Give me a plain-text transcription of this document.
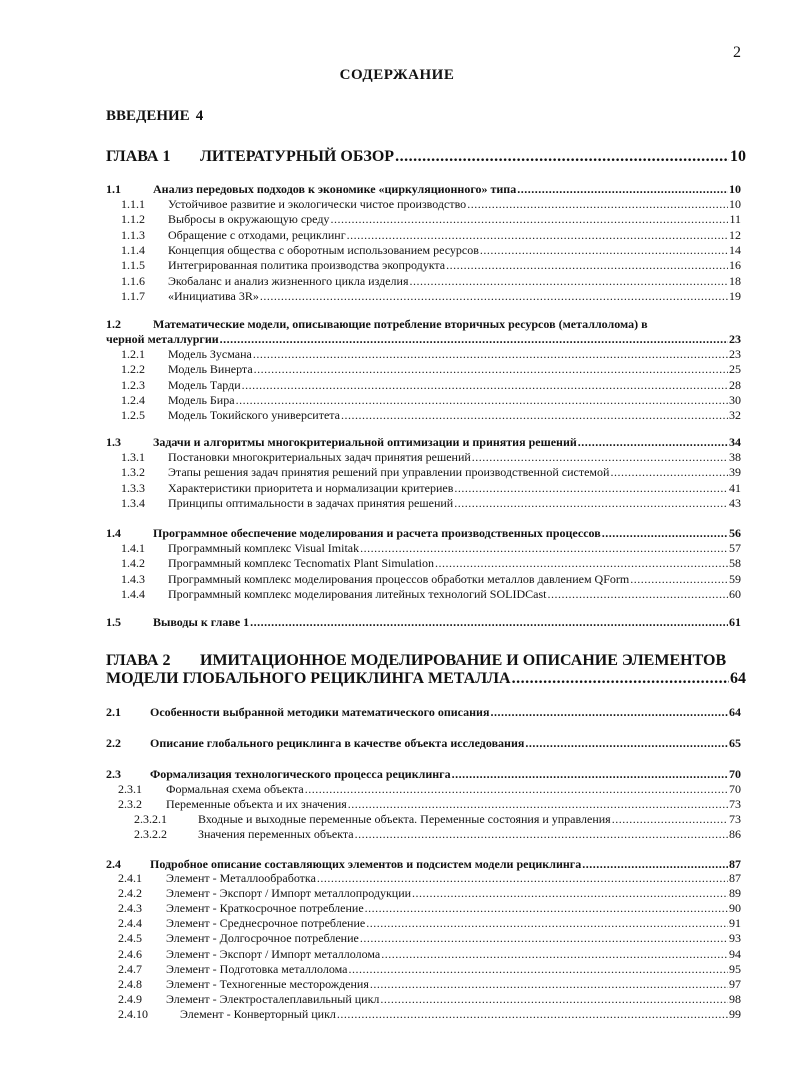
2
СОДЕРЖАНИЕ
ВВЕДЕНИЕ 4
ГЛАВА 1	ЛИТЕРАТУРНЫЙ ОБЗОР .....	10
1.1	Анализ передовых подходов к экономике «циркуляционного» типа .....	10
1.1.1	Устойчивое развитие и экологически чистое производство .....	10
1.1.2	Выбросы в окружающую среду .....	11
1.1.3	Обращение с отходами, рециклинг .....	12
1.1.4	Концепция общества с оборотным использованием ресурсов .....	14
1.1.5	Интегрированная политика производства экопродукта .....	16
1.1.6	Экобаланс и анализ жизненного цикла изделия .....	18
1.1.7	«Инициатива 3R» .....	19
1.2	Математические модели, описывающие потребление вторичных ресурсов (металлолома) в
черной металлургии .....	23
1.2.1	Модель Зусмана .....	23
1.2.2	Модель Винерта .....	25
1.2.3	Модель Тарди .....	28
1.2.4	Модель Бира .....	30
1.2.5	Модель Токийского университета .....	32
1.3	Задачи и алгоритмы многокритериальной оптимизации и принятия решений .....	34
1.3.1	Постановки многокритериальных задач принятия решений .....	38
1.3.2	Этапы решения задач принятия решений при управлении производственной системой .....	39
1.3.3	Характеристики приоритета и нормализации критериев .....	41
1.3.4	Принципы оптимальности в задачах принятия решений .....	43
1.4	Программное обеспечение моделирования и расчета производственных процессов .....	56
1.4.1	Программный комплекс Visual Imitak .....	57
1.4.2	Программный комплекс Tecnomatix Plant Simulation .....	58
1.4.3	Программный комплекс моделирования процессов обработки металлов давлением QForm .....	59
1.4.4	Программный комплекс моделирования литейных технологий SOLIDCast .....	60
1.5	Выводы к главе 1 .....	61
ГЛАВА 2 ИМИТАЦИОННОЕ МОДЕЛИРОВАНИЕ И ОПИСАНИЕ ЭЛЕМЕНТОВ
МОДЕЛИ ГЛОБАЛЬНОГО РЕЦИКЛИНГА МЕТАЛЛА .....	64
2.1	Особенности выбранной методики математического описания .....	64
2.2	Описание глобального рециклинга в качестве объекта исследования .....	65
2.3	Формализация технологического процесса рециклинга .....	70
2.3.1	Формальная схема объекта .....	70
2.3.2	Переменные объекта и их значения .....	73
2.3.2.1	Входные и выходные переменные объекта. Переменные состояния и управления .....	73
2.3.2.2	Значения переменных объекта .....	86
2.4	Подробное описание составляющих элементов и подсистем модели рециклинга .....	87
2.4.1	Элемент - Металлообработка .....	87
2.4.2	Элемент - Экспорт / Импорт металлопродукции .....	89
2.4.3	Элемент - Краткосрочное потребление .....	90
2.4.4	Элемент - Среднесрочное потребление .....	91
2.4.5	Элемент - Долгосрочное потребление .....	93
2.4.6	Элемент - Экспорт / Импорт металлолома .....	94
2.4.7	Элемент - Подготовка металлолома .....	95
2.4.8	Элемент - Техногенные месторождения .....	97
2.4.9	Элемент - Электросталеплавильный цикл .....	98
2.4.10	Элемент - Конверторный цикл .....	99
